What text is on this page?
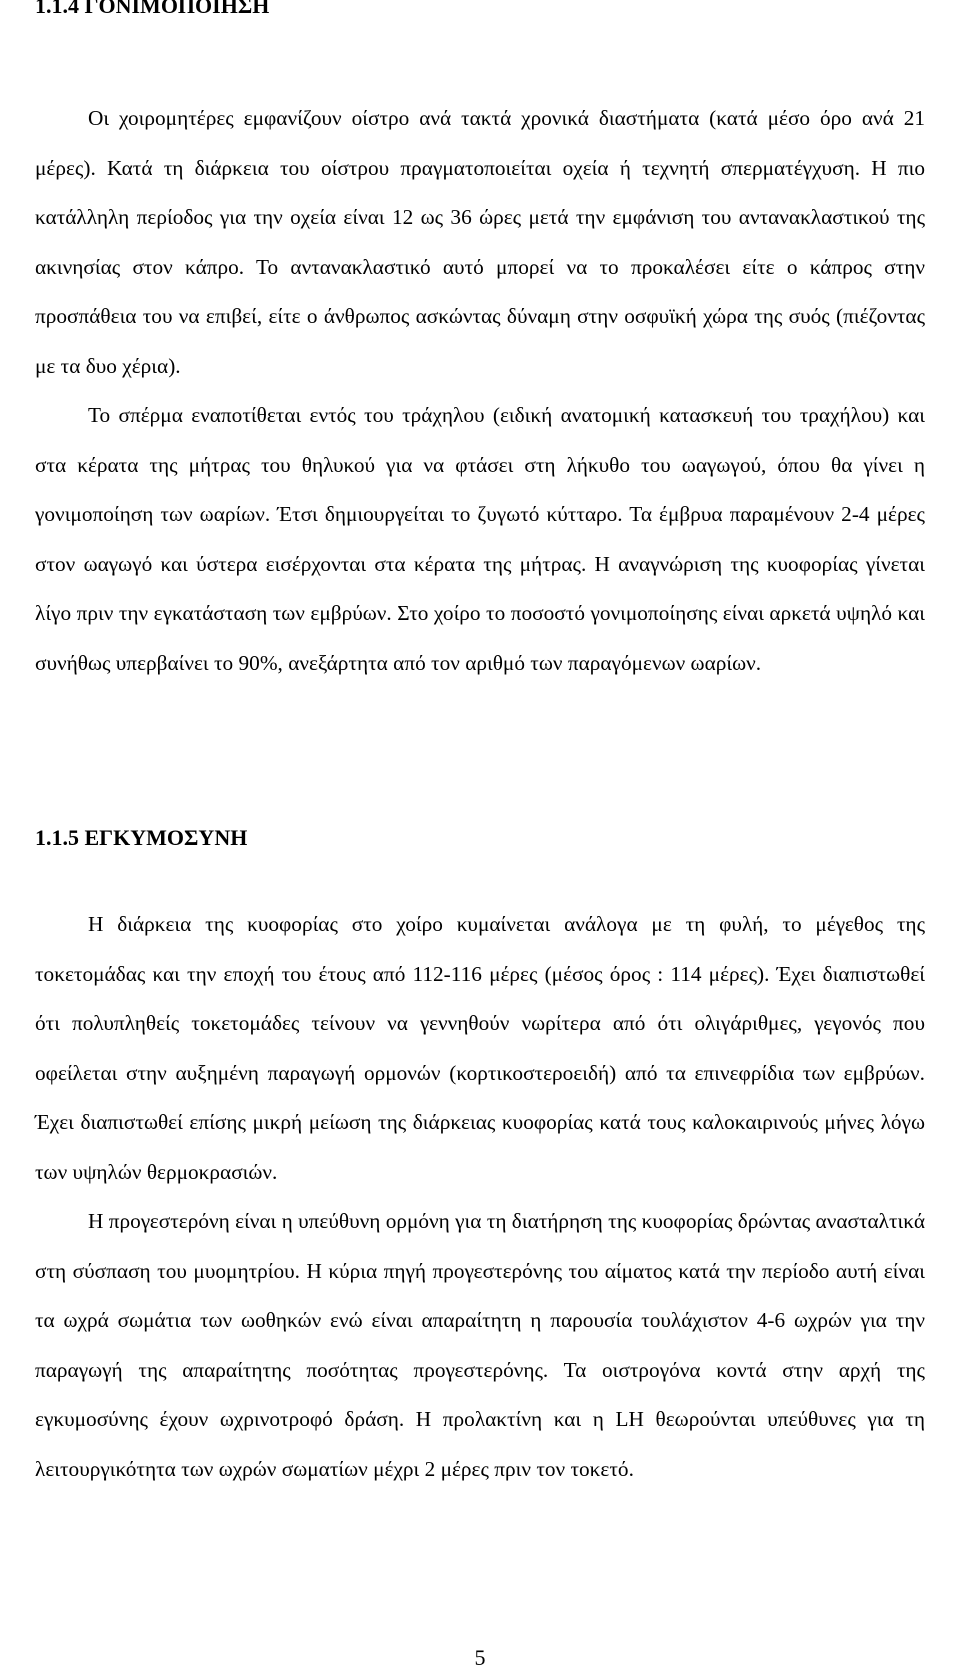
1.1.4 ΓΟΝΙΜΟΠΟΙΗΣΗ

Οι χοιρομητέρες εμφανίζουν οίστρο ανά τακτά χρονικά διαστήματα (κατά μέσο όρο ανά 21 μέρες). Κατά τη διάρκεια του οίστρου πραγματοποιείται οχεία ή τεχνητή σπερματέγχυση. Η πιο κατάλληλη περίοδος για την οχεία είναι 12 ως 36 ώρες μετά την εμφάνιση του αντανακλαστικού της ακινησίας στον κάπρο. Το αντανακλαστικό αυτό μπορεί να το προκαλέσει είτε ο κάπρος στην προσπάθεια του να επιβεί, είτε ο άνθρωπος ασκώντας δύναμη στην οσφυϊκή χώρα της συός (πιέζοντας με τα δυο χέρια).

Το σπέρμα εναποτίθεται εντός του τράχηλου (ειδική ανατομική κατασκευή του τραχήλου) και στα κέρατα της μήτρας του θηλυκού για να φτάσει στη λήκυθο του ωαγωγού, όπου θα γίνει η γονιμοποίηση των ωαρίων. Έτσι δημιουργείται το ζυγωτό κύτταρο. Τα έμβρυα παραμένουν 2-4 μέρες στον ωαγωγό και ύστερα εισέρχονται στα κέρατα της μήτρας. Η αναγνώριση της κυοφορίας γίνεται λίγο πριν την εγκατάσταση των εμβρύων. Στο χοίρο το ποσοστό γονιμοποίησης είναι αρκετά υψηλό και συνήθως υπερβαίνει το 90%, ανεξάρτητα από τον αριθμό των παραγόμενων ωαρίων.

1.1.5 ΕΓΚΥΜΟΣΥΝΗ

Η διάρκεια της κυοφορίας στο χοίρο κυμαίνεται ανάλογα με τη φυλή, το μέγεθος της τοκετομάδας και την εποχή του έτους από 112-116 μέρες (μέσος όρος : 114 μέρες). Έχει διαπιστωθεί ότι πολυπληθείς τοκετομάδες τείνουν να γεννηθούν νωρίτερα από ότι ολιγάριθμες, γεγονός που οφείλεται στην αυξημένη παραγωγή ορμονών (κορτικοστεροειδή) από τα επινεφρίδια των εμβρύων. Έχει διαπιστωθεί επίσης μικρή μείωση της διάρκειας κυοφορίας κατά τους καλοκαιρινούς μήνες λόγω των υψηλών θερμοκρασιών.

Η προγεστερόνη είναι η υπεύθυνη ορμόνη για τη διατήρηση της κυοφορίας δρώντας ανασταλτικά στη σύσπαση του μυομητρίου. Η κύρια πηγή προγεστερόνης του αίματος κατά την περίοδο αυτή είναι τα ωχρά σωμάτια των ωοθηκών ενώ είναι απαραίτητη η παρουσία τουλάχιστον 4-6 ωχρών για την παραγωγή της απαραίτητης ποσότητας προγεστερόνης. Τα οιστρογόνα κοντά στην αρχή της εγκυμοσύνης έχουν ωχρινοτροφό δράση. Η προλακτίνη και η LH θεωρούνται υπεύθυνες για τη λειτουργικότητα των ωχρών σωματίων μέχρι 2 μέρες πριν τον τοκετό.

5
